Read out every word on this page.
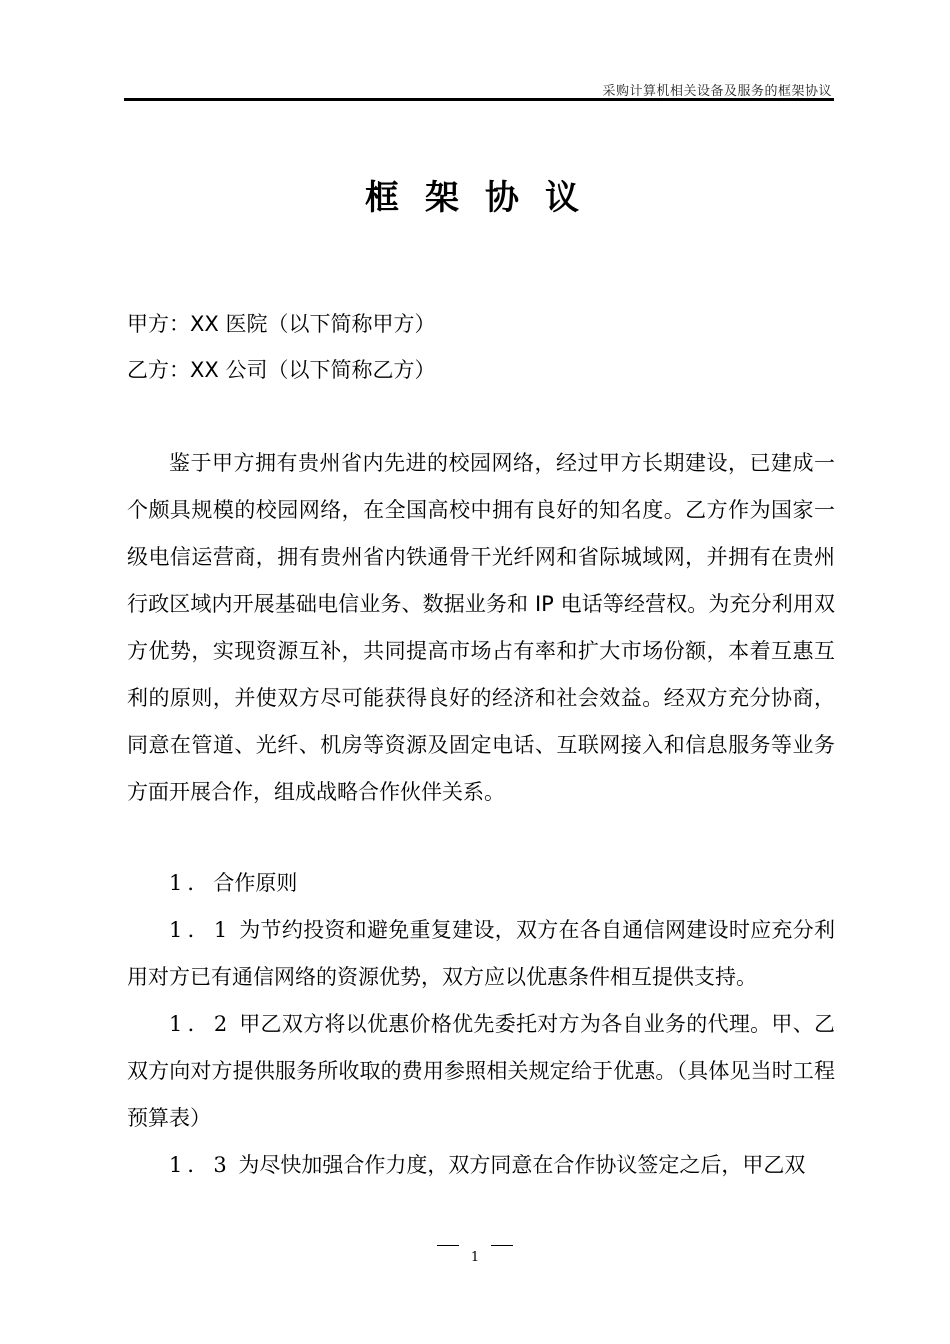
采购计算机相关设备及服务的框架协议
框架协议
甲方：XX 医院（以下简称甲方）
乙方：XX 公司（以下简称乙方）
鉴于甲方拥有贵州省内先进的校园网络，经过甲方长期建设，已建成一个颇具规模的校园网络，在全国高校中拥有良好的知名度。乙方作为国家一级电信运营商，拥有贵州省内铁通骨干光纤网和省际城域网，并拥有在贵州行政区域内开展基础电信业务、数据业务和 IP 电话等经营权。为充分利用双方优势，实现资源互补，共同提高市场占有率和扩大市场份额，本着互惠互利的原则，并使双方尽可能获得良好的经济和社会效益。经双方充分协商，同意在管道、光纤、机房等资源及固定电话、互联网接入和信息服务等业务方面开展合作，组成战略合作伙伴关系。

1．合作原则

1．1 为节约投资和避免重复建设，双方在各自通信网建设时应充分利用对方已有通信网络的资源优势，双方应以优惠条件相互提供支持。

1．2 甲乙双方将以优惠价格优先委托对方为各自业务的代理。甲、乙双方向对方提供服务所收取的费用参照相关规定给于优惠。（具体见当时工程预算表）

1．3 为尽快加强合作力度，双方同意在合作协议签定之后，甲乙双

1
